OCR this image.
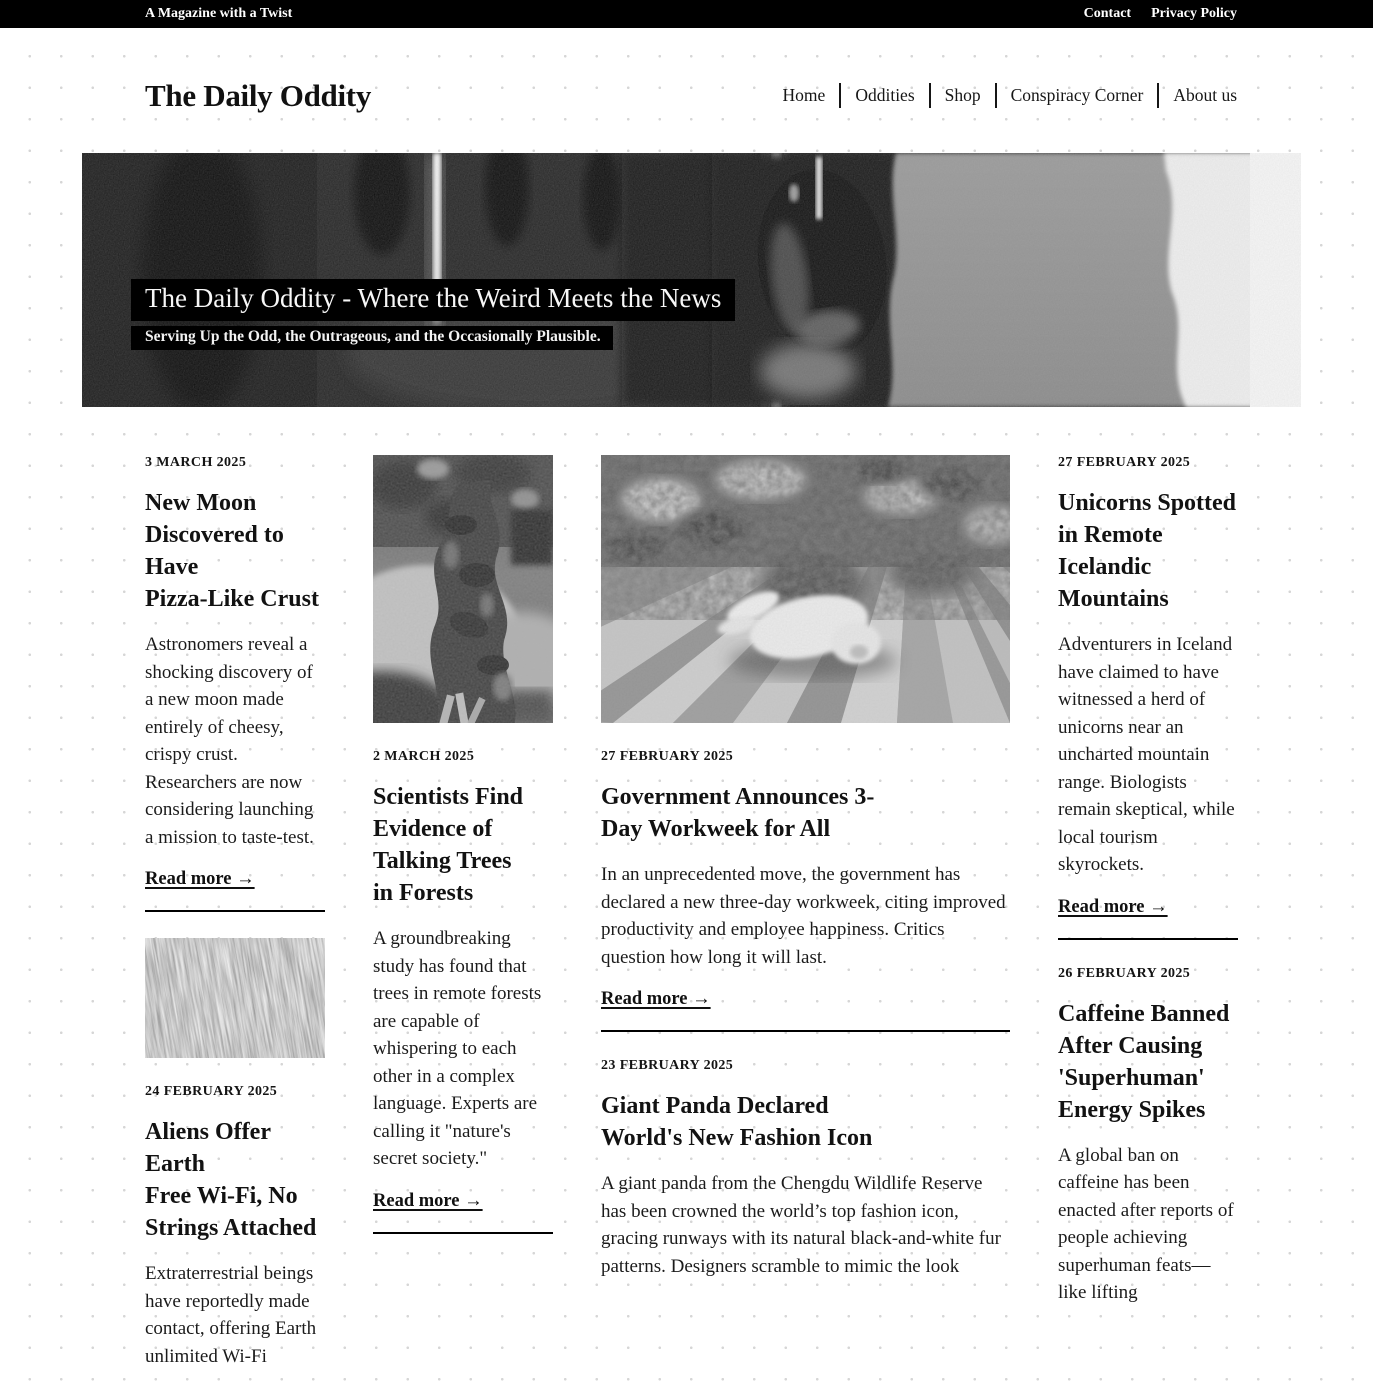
A Magazine with a Twist	Contact Privacy Policy
The Daily Oddity	Home Oddities Shop Conspiracy Corner About us
The Daily Oddity - Where the Weird Meets the News

Serving Up the Odd, the Outrageous, and the Occasionally Plausible.

3 MARCH 2025

New Moon
Discovered to Have
Pizza-Like Crust

Astronomers reveal a shocking discovery of a new moon made entirely of cheesy, crispy crust. Researchers are now considering launching a mission to taste-test.

Read more →

24 FEBRUARY 2025

Aliens Offer Earth
Free Wi-Fi, No
Strings Attached

Extraterrestrial beings have reportedly made contact, offering Earth unlimited Wi-Fi

2 MARCH 2025

Scientists Find
Evidence of
Talking Trees
in Forests

A groundbreaking study has found that trees in remote forests are capable of whispering to each other in a complex language. Experts are calling it "nature's secret society."

Read more →

27 FEBRUARY 2025

Government Announces 3-
Day Workweek for All

In an unprecedented move, the government has declared a new three-day workweek, citing improved productivity and employee happiness. Critics question how long it will last.

Read more →

23 FEBRUARY 2025

Giant Panda Declared
World's New Fashion Icon

A giant panda from the Chengdu Wildlife Reserve has been crowned the world’s top fashion icon, gracing runways with its natural black-and-white fur patterns. Designers scramble to mimic the look

27 FEBRUARY 2025

Unicorns Spotted
in Remote
Icelandic
Mountains

Adventurers in Iceland have claimed to have witnessed a herd of unicorns near an uncharted mountain range. Biologists remain skeptical, while local tourism skyrockets.

Read more →

26 FEBRUARY 2025

Caffeine Banned
After Causing
'Superhuman'
Energy Spikes

A global ban on caffeine has been enacted after reports of people achieving superhuman feats—like lifting
